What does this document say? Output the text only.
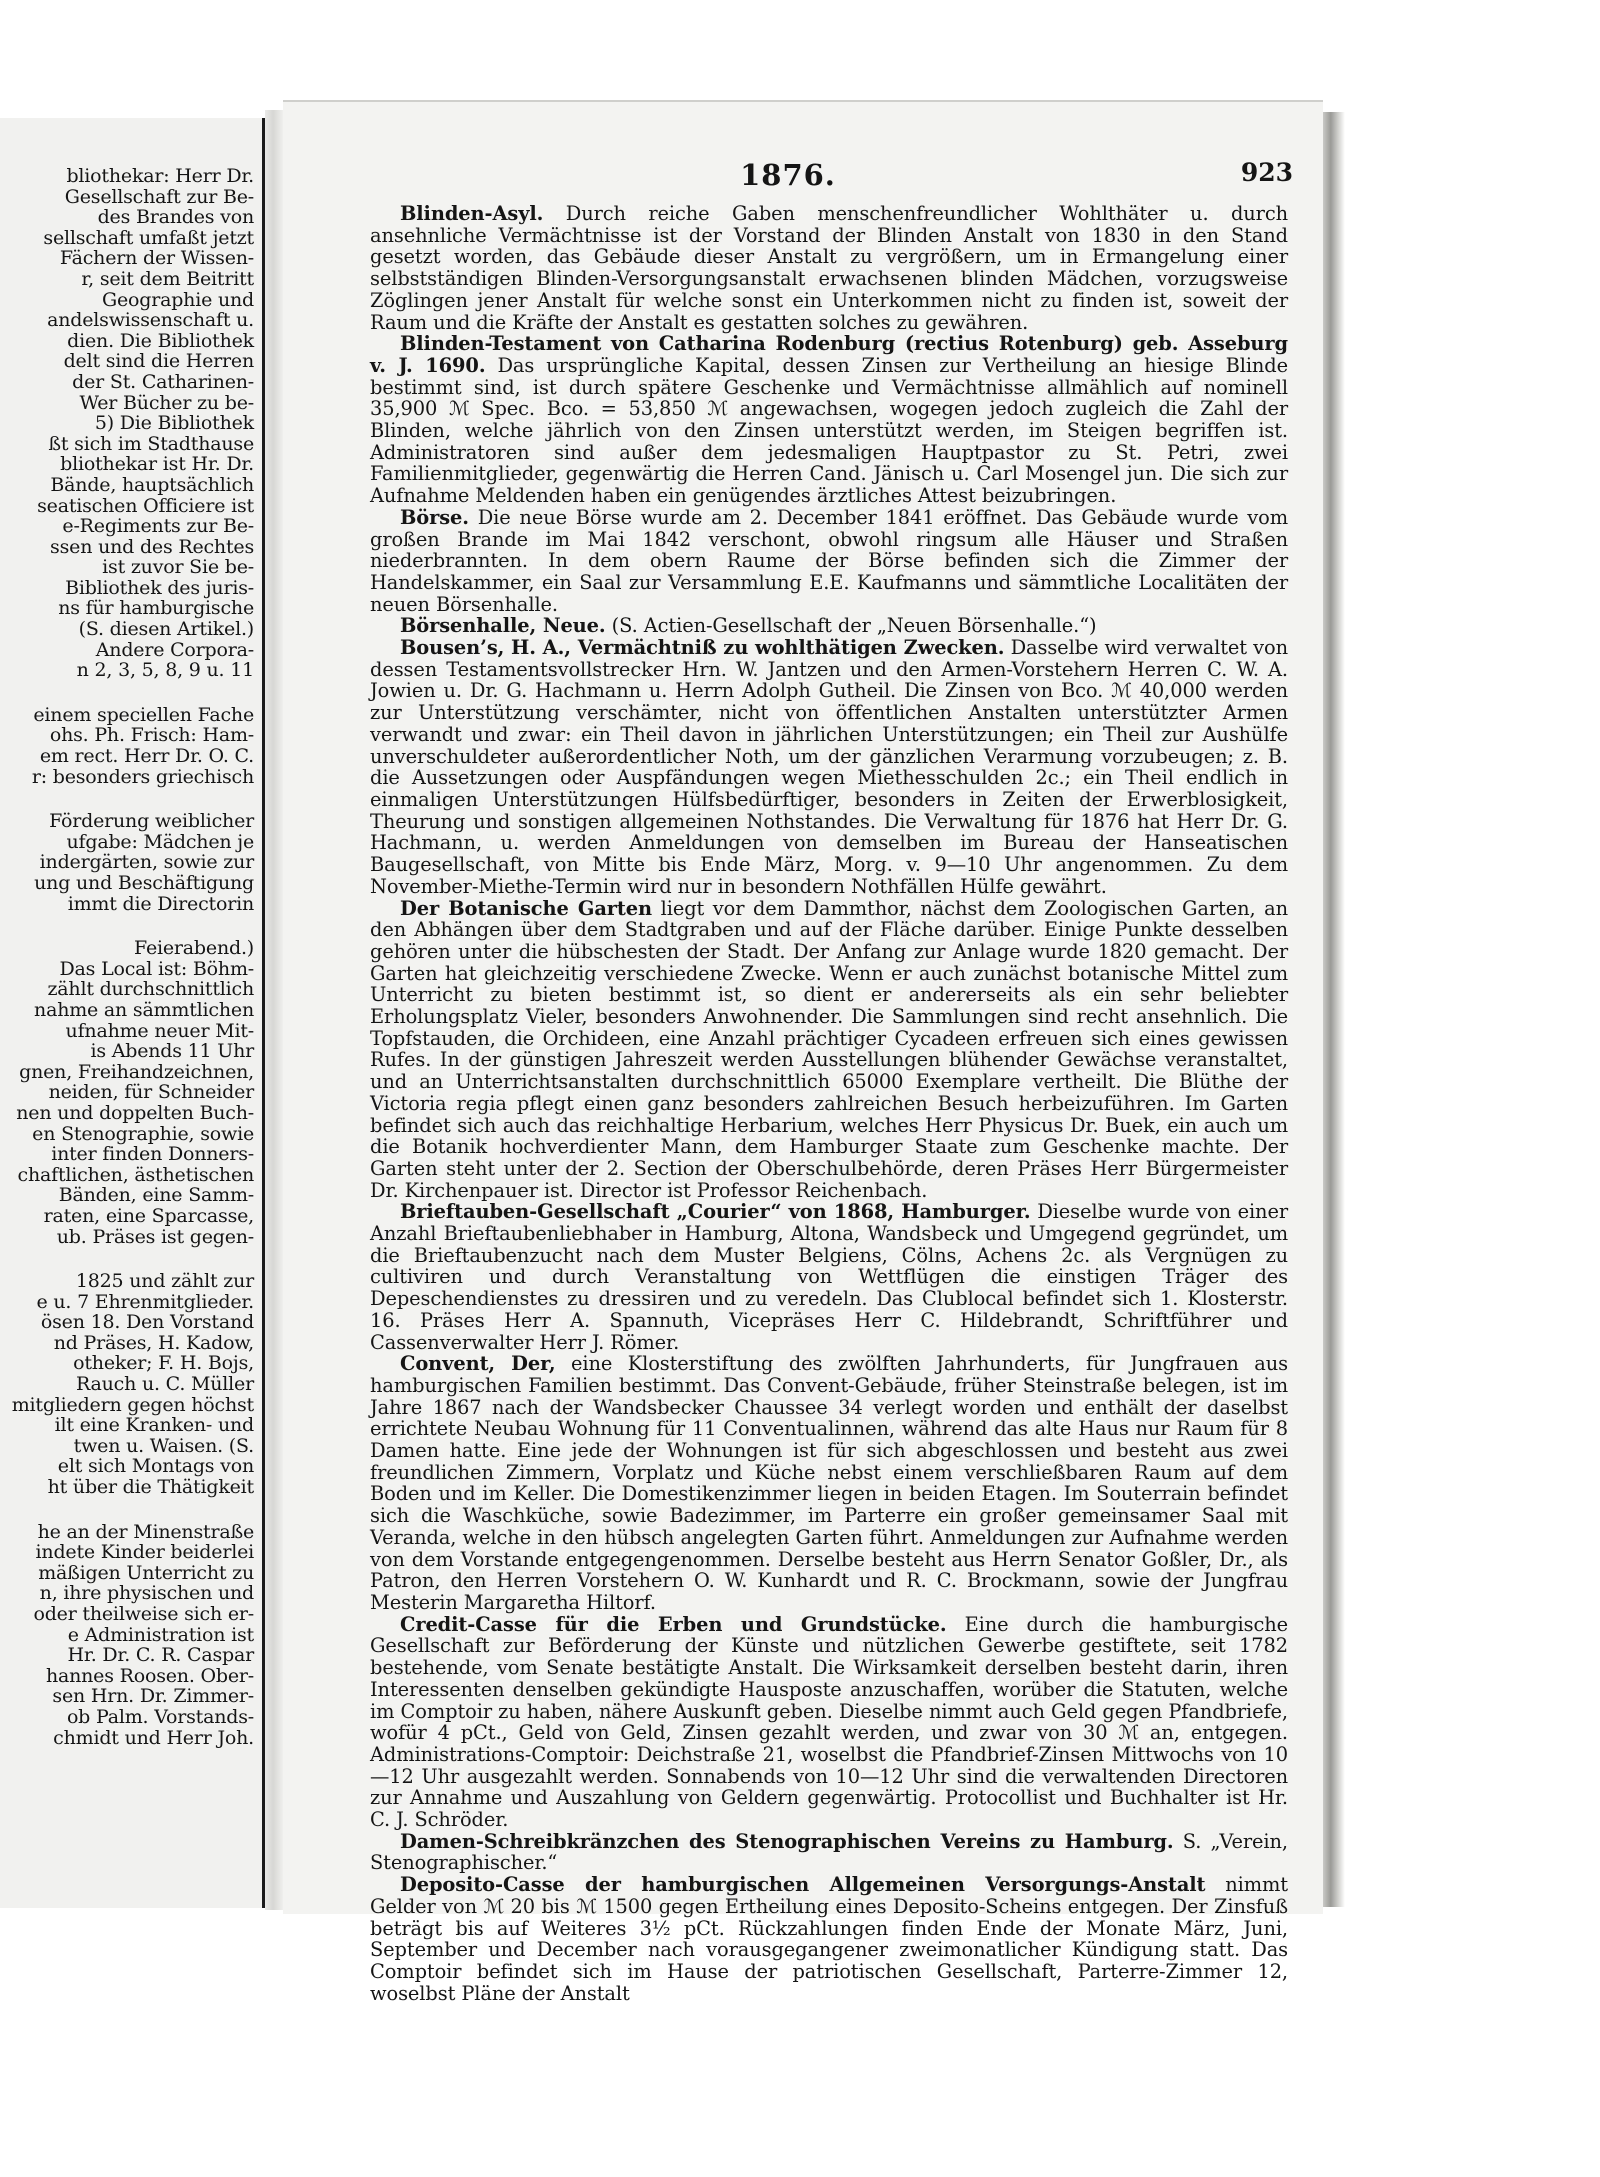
bliothekar: Herr Dr.
Gesellschaft zur Be-
des Brandes von
sellschaft umfaßt jetzt
Fächern der Wissen-
r, seit dem Beitritt
Geographie und
andelswissenschaft u.
dien. Die Bibliothek
delt sind die Herren
der St. Catharinen-
Wer Bücher zu be-
5) Die Bibliothek
ßt sich im Stadthause
bliothekar ist Hr. Dr.
Bände, hauptsächlich
seatischen Officiere ist
e-Regiments zur Be-
ssen und des Rechtes
ist zuvor Sie be-
Bibliothek des juris-
ns für hamburgische
(S. diesen Artikel.)
Andere Corpora-
n 2, 3, 5, 8, 9 u. 11
einem speciellen Fache
ohs. Ph. Frisch: Ham-
em rect. Herr Dr. O. C.
r: besonders griechisch
Förderung weiblicher
ufgabe: Mädchen je
indergärten, sowie zur
ung und Beschäftigung
immt die Directorin
Feierabend.)
Das Local ist: Böhm-
zählt durchschnittlich
nahme an sämmtlichen
ufnahme neuer Mit-
is Abends 11 Uhr
gnen, Freihandzeichnen,
neiden, für Schneider
nen und doppelten Buch-
en Stenographie, sowie
inter finden Donners-
chaftlichen, ästhetischen
Bänden, eine Samm-
raten, eine Sparcasse,
ub. Präses ist gegen-
1825 und zählt zur
e u. 7 Ehrenmitglieder.
ösen 18. Den Vorstand
nd Präses, H. Kadow,
otheker; F. H. Bojs,
Rauch u. C. Müller
mitgliedern gegen höchst
ilt eine Kranken- und
twen u. Waisen. (S.
elt sich Montags von
ht über die Thätigkeit
he an der Minenstraße
indete Kinder beiderlei
mäßigen Unterricht zu
n, ihre physischen und
oder theilweise sich er-
e Administration ist
Hr. Dr. C. R. Caspar
hannes Roosen. Ober-
sen Hrn. Dr. Zimmer-
ob Palm. Vorstands-
chmidt und Herr Joh.
1876.	923

Blinden-Asyl. Durch reiche Gaben menschenfreundlicher Wohlthäter u. durch ansehnliche Vermächtnisse ist der Vorstand der Blinden Anstalt von 1830 in den Stand gesetzt worden, das Gebäude dieser Anstalt zu vergrößern, um in Ermangelung einer selbstständigen Blinden-Versorgungsanstalt erwachsenen blinden Mädchen, vorzugsweise Zöglingen jener Anstalt für welche sonst ein Unterkommen nicht zu finden ist, soweit der Raum und die Kräfte der Anstalt es gestatten solches zu gewähren.

Blinden-Testament von Catharina Rodenburg (rectius Rotenburg) geb. Asseburg v. J. 1690. Das ursprüngliche Kapital, dessen Zinsen zur Vertheilung an hiesige Blinde bestimmt sind, ist durch spätere Geschenke und Vermächtnisse allmählich auf nominell 35,900 ℳ Spec. Bco. = 53,850 ℳ angewachsen, wogegen jedoch zugleich die Zahl der Blinden, welche jährlich von den Zinsen unterstützt werden, im Steigen begriffen ist. Administratoren sind außer dem jedesmaligen Hauptpastor zu St. Petri, zwei Familienmitglieder, gegenwärtig die Herren Cand. Jänisch u. Carl Mosengel jun. Die sich zur Aufnahme Meldenden haben ein genügendes ärztliches Attest beizubringen.

Börse. Die neue Börse wurde am 2. December 1841 eröffnet. Das Gebäude wurde vom großen Brande im Mai 1842 verschont, obwohl ringsum alle Häuser und Straßen niederbrannten. In dem obern Raume der Börse befinden sich die Zimmer der Handelskammer, ein Saal zur Versammlung E.E. Kaufmanns und sämmtliche Localitäten der neuen Börsenhalle.

Börsenhalle, Neue. (S. Actien-Gesellschaft der „Neuen Börsenhalle.“)

Bousen’s, H. A., Vermächtniß zu wohlthätigen Zwecken. Dasselbe wird verwaltet von dessen Testamentsvollstrecker Hrn. W. Jantzen und den Armen-Vorstehern Herren C. W. A. Jowien u. Dr. G. Hachmann u. Herrn Adolph Gutheil. Die Zinsen von Bco. ℳ 40,000 werden zur Unterstützung verschämter, nicht von öffentlichen Anstalten unterstützter Armen verwandt und zwar: ein Theil davon in jährlichen Unterstützungen; ein Theil zur Aushülfe unverschuldeter außerordentlicher Noth, um der gänzlichen Verarmung vorzubeugen; z. B. die Aussetzungen oder Auspfändungen wegen Miethesschulden 2c.; ein Theil endlich in einmaligen Unterstützungen Hülfsbedürftiger, besonders in Zeiten der Erwerblosigkeit, Theurung und sonstigen allgemeinen Nothstandes. Die Verwaltung für 1876 hat Herr Dr. G. Hachmann, u. werden Anmeldungen von demselben im Bureau der Hanseatischen Baugesellschaft, von Mitte bis Ende März, Morg. v. 9—10 Uhr angenommen. Zu dem November-Miethe-Termin wird nur in besondern Nothfällen Hülfe gewährt.

Der Botanische Garten liegt vor dem Dammthor, nächst dem Zoologischen Garten, an den Abhängen über dem Stadtgraben und auf der Fläche darüber. Einige Punkte desselben gehören unter die hübschesten der Stadt. Der Anfang zur Anlage wurde 1820 gemacht. Der Garten hat gleichzeitig verschiedene Zwecke. Wenn er auch zunächst botanische Mittel zum Unterricht zu bieten bestimmt ist, so dient er andererseits als ein sehr beliebter Erholungsplatz Vieler, besonders Anwohnender. Die Sammlungen sind recht ansehnlich. Die Topfstauden, die Orchideen, eine Anzahl prächtiger Cycadeen erfreuen sich eines gewissen Rufes. In der günstigen Jahreszeit werden Ausstellungen blühender Gewächse veranstaltet, und an Unterrichtsanstalten durchschnittlich 65000 Exemplare vertheilt. Die Blüthe der Victoria regia pflegt einen ganz besonders zahlreichen Besuch herbeizuführen. Im Garten befindet sich auch das reichhaltige Herbarium, welches Herr Physicus Dr. Buek, ein auch um die Botanik hochverdienter Mann, dem Hamburger Staate zum Geschenke machte. Der Garten steht unter der 2. Section der Oberschulbehörde, deren Präses Herr Bürgermeister Dr. Kirchenpauer ist. Director ist Professor Reichenbach.

Brieftauben-Gesellschaft „Courier“ von 1868, Hamburger. Dieselbe wurde von einer Anzahl Brieftaubenliebhaber in Hamburg, Altona, Wandsbeck und Umgegend gegründet, um die Brieftaubenzucht nach dem Muster Belgiens, Cölns, Achens 2c. als Vergnügen zu cultiviren und durch Veranstaltung von Wettflügen die einstigen Träger des Depeschendienstes zu dressiren und zu veredeln. Das Clublocal befindet sich 1. Klosterstr. 16. Präses Herr A. Spannuth, Vicepräses Herr C. Hildebrandt, Schriftführer und Cassenverwalter Herr J. Römer.

Convent, Der, eine Klosterstiftung des zwölften Jahrhunderts, für Jungfrauen aus hamburgischen Familien bestimmt. Das Convent-Gebäude, früher Steinstraße belegen, ist im Jahre 1867 nach der Wandsbecker Chaussee 34 verlegt worden und enthält der daselbst errichtete Neubau Wohnung für 11 Conventualinnen, während das alte Haus nur Raum für 8 Damen hatte. Eine jede der Wohnungen ist für sich abgeschlossen und besteht aus zwei freundlichen Zimmern, Vorplatz und Küche nebst einem verschließbaren Raum auf dem Boden und im Keller. Die Domestikenzimmer liegen in beiden Etagen. Im Souterrain befindet sich die Waschküche, sowie Badezimmer, im Parterre ein großer gemeinsamer Saal mit Veranda, welche in den hübsch angelegten Garten führt. Anmeldungen zur Aufnahme werden von dem Vorstande entgegengenommen. Derselbe besteht aus Herrn Senator Goßler, Dr., als Patron, den Herren Vorstehern O. W. Kunhardt und R. C. Brockmann, sowie der Jungfrau Mesterin Margaretha Hiltorf.

Credit-Casse für die Erben und Grundstücke. Eine durch die hamburgische Gesellschaft zur Beförderung der Künste und nützlichen Gewerbe gestiftete, seit 1782 bestehende, vom Senate bestätigte Anstalt. Die Wirksamkeit derselben besteht darin, ihren Interessenten denselben gekündigte Hausposte anzuschaffen, worüber die Statuten, welche im Comptoir zu haben, nähere Auskunft geben. Dieselbe nimmt auch Geld gegen Pfandbriefe, wofür 4 pCt., Geld von Geld, Zinsen gezahlt werden, und zwar von 30 ℳ an, entgegen. Administrations-Comptoir: Deichstraße 21, woselbst die Pfandbrief-Zinsen Mittwochs von 10—12 Uhr ausgezahlt werden. Sonnabends von 10—12 Uhr sind die verwaltenden Directoren zur Annahme und Auszahlung von Geldern gegenwärtig. Protocollist und Buchhalter ist Hr. C. J. Schröder.

Damen-Schreibkränzchen des Stenographischen Vereins zu Hamburg. S. „Verein, Stenographischer.“

Deposito-Casse der hamburgischen Allgemeinen Versorgungs-Anstalt nimmt Gelder von ℳ 20 bis ℳ 1500 gegen Ertheilung eines Deposito-Scheins entgegen. Der Zinsfuß beträgt bis auf Weiteres 3½ pCt. Rückzahlungen finden Ende der Monate März, Juni, September und December nach vorausgegangener zweimonatlicher Kündigung statt. Das Comptoir befindet sich im Hause der patriotischen Gesellschaft, Parterre-Zimmer 12, woselbst Pläne der Anstalt
